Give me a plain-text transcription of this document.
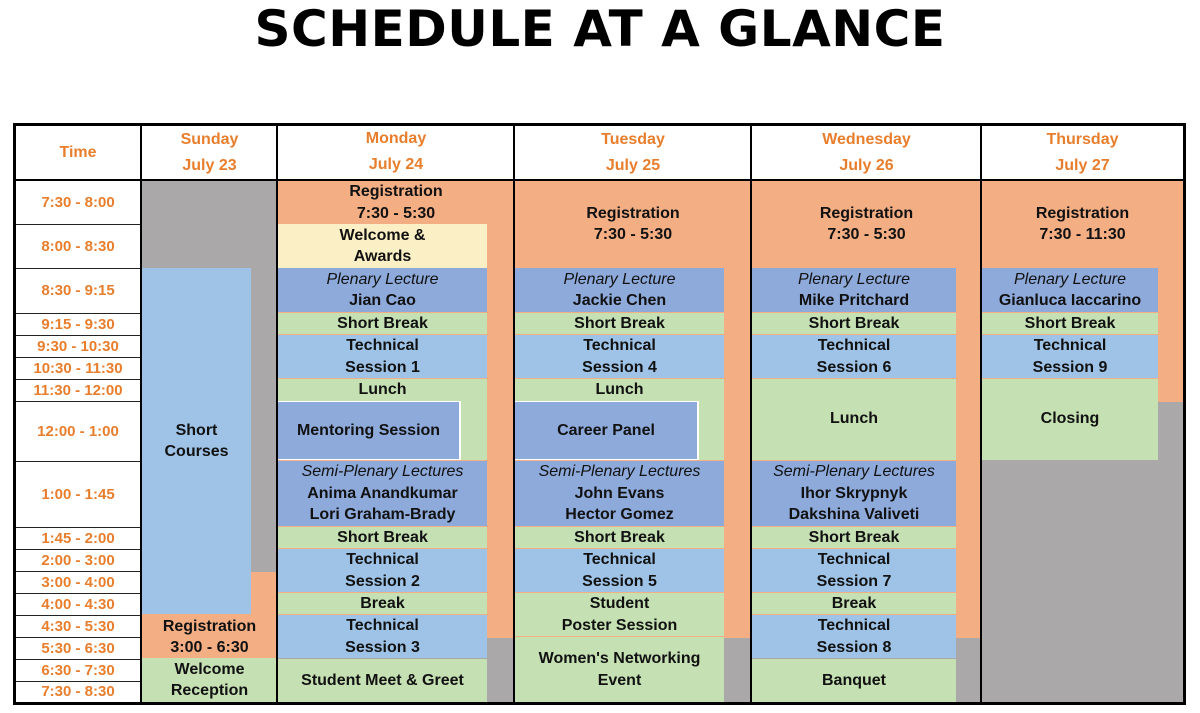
SCHEDULE AT A GLANCE
Short
Courses
Registration
3:00 - 6:30
Welcome
Reception
Registration
7:30 - 5:30
Welcome &
Awards
Plenary Lecture
Jian Cao
Short Break
Technical
Session 1
Lunch
Mentoring Session
Semi-Plenary Lectures
Anima Anandkumar
Lori Graham-Brady
Short Break
Technical
Session 2
Break
Technical
Session 3
Student Meet & Greet
Registration
7:30 - 5:30
Plenary Lecture
Jackie Chen
Short Break
Technical
Session 4
Lunch
Career Panel
Semi-Plenary Lectures
John Evans
Hector Gomez
Short Break
Technical
Session 5
Student
Poster Session
Women's Networking
Event
Registration
7:30 - 5:30
Plenary Lecture
Mike Pritchard
Short Break
Technical
Session 6
Lunch
Semi-Plenary Lectures
Ihor Skrypnyk
Dakshina Valiveti
Short Break
Technical
Session 7
Break
Technical
Session 8
Banquet
Registration
7:30 - 11:30
Plenary Lecture
Gianluca Iaccarino
Short Break
Technical
Session 9
Closing
Time
Sunday
July 23
Monday
July 24
Tuesday
July 25
Wednesday
July 26
Thursday
July 27
7:30 - 8:00
8:00 - 8:30
8:30 - 9:15
9:15 - 9:30
9:30 - 10:30
10:30 - 11:30
11:30 - 12:00
12:00 - 1:00
1:00 - 1:45
1:45 - 2:00
2:00 - 3:00
3:00 - 4:00
4:00 - 4:30
4:30 - 5:30
5:30 - 6:30
6:30 - 7:30
7:30 - 8:30
